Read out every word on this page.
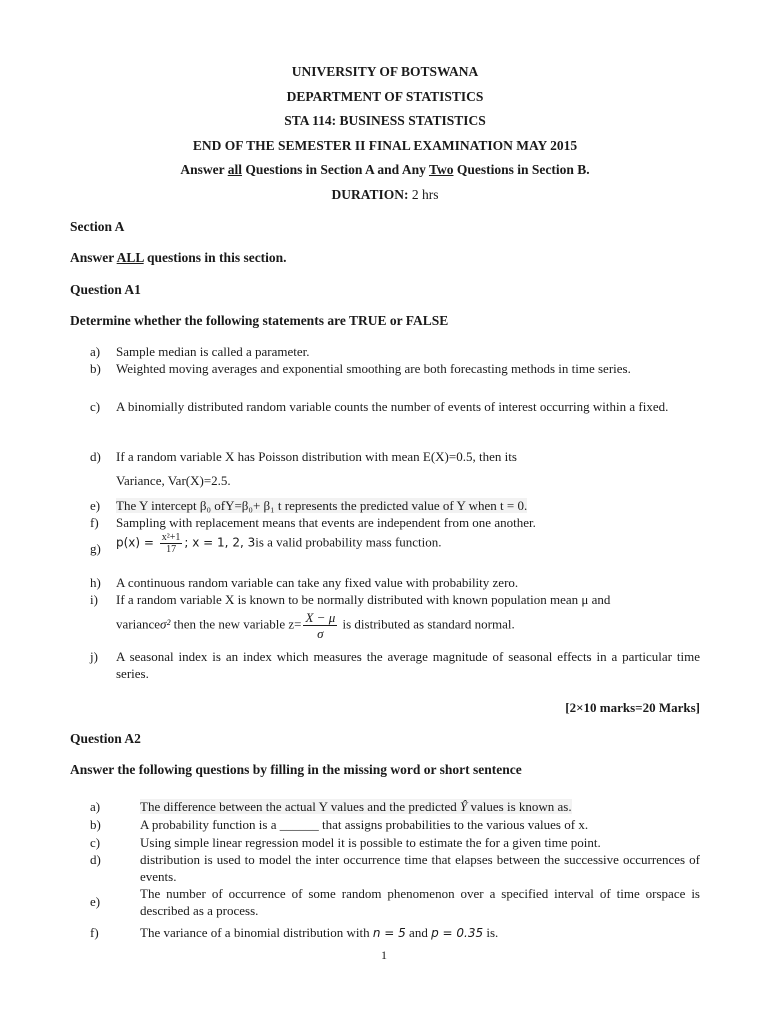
UNIVERSITY OF BOTSWANA
DEPARTMENT OF STATISTICS
STA 114: BUSINESS STATISTICS
END OF THE SEMESTER II FINAL EXAMINATION MAY 2015
Answer all Questions in Section A and Any Two Questions in Section B.
DURATION: 2 hrs
Section A
Answer ALL questions in this section.
Question A1
Determine whether the following statements are TRUE or FALSE
a)	Sample median is called a parameter.
b)	Weighted moving averages and exponential smoothing are both forecasting methods in time series.
c)	A binomially distributed random variable counts the number of events of interest occurring within a fixed.
d)	If a random variable X has Poisson distribution with mean E(X)=0.5, then its
Variance, Var(X)=2.5.
e)	The Y intercept β₀ ofY=β₀+ β₁ t represents the predicted value of Y when t = 0.
f)	Sampling with replacement means that events are independent from one another.
g)	$p(x) = \frac{\text{x²+1}}{17}$ ; x = 1, 2, 3is a valid probability mass function.
h)	A continuous random variable can take any fixed value with probability zero.
i)	If a random variable X is known to be normally distributed with known population mean μ and
varianceσ² then the new variable $z= \frac{X - \mu}{\sigma}$ is distributed as standard normal.
j)	A seasonal index is an index which measures the average magnitude of seasonal effects in a particular time series.
[2×10 marks=20 Marks]
Question A2
Answer the following questions by filling in the missing word or short sentence
a)	The difference between the actual Y values and the predicted Ŷ values is known as.
b)	A probability function is a ______ that assigns probabilities to the various values of x.
c)	Using simple linear regression model it is possible to estimate the for a given time point.
d)	distribution is used to model the inter occurrence time that elapses between the successive occurrences of events.
e)
The number of occurrence of some random phenomenon over a specified interval of time orspace is described as a process.
f)	The variance of a binomial distribution with n = 5 and p = 0.35 is.
1
